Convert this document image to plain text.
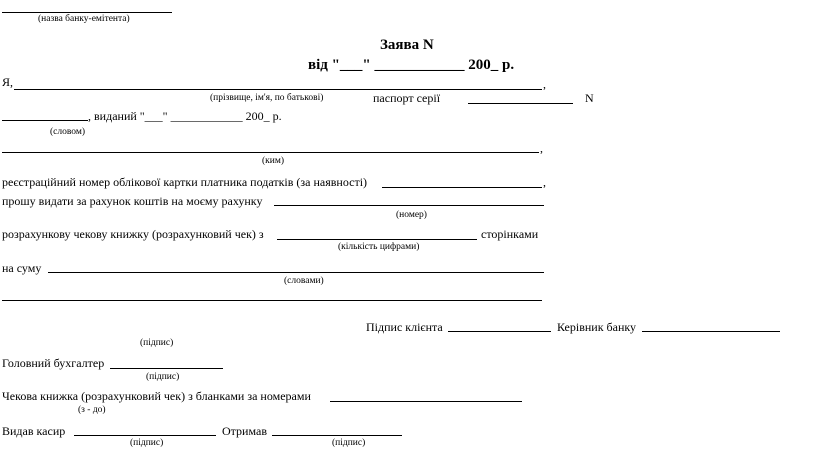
(назва банку-емітента)
Заява N
від "___" ____________ 200_ р.
Я,	,
(прізвище, ім'я, по батькові)	паспорт серії	N
, виданий "___" ____________ 200_ р.
(словом)
,
(ким)
реєстраційний номер облікової картки платника податків (за наявності)	,
прошу видати за рахунок коштів на моєму рахунку
(номер)
розрахункову чекову книжку (розрахунковий чек) з	сторінками
(кількість цифрами)
на суму
(словами)
Підпис клієнта	Керівник банку
(підпис)
Головний бухгалтер
(підпис)
Чекова книжка (розрахунковий чек) з бланками за номерами
(з - до)
Видав касир	Отримав
(підпис)	(підпис)
